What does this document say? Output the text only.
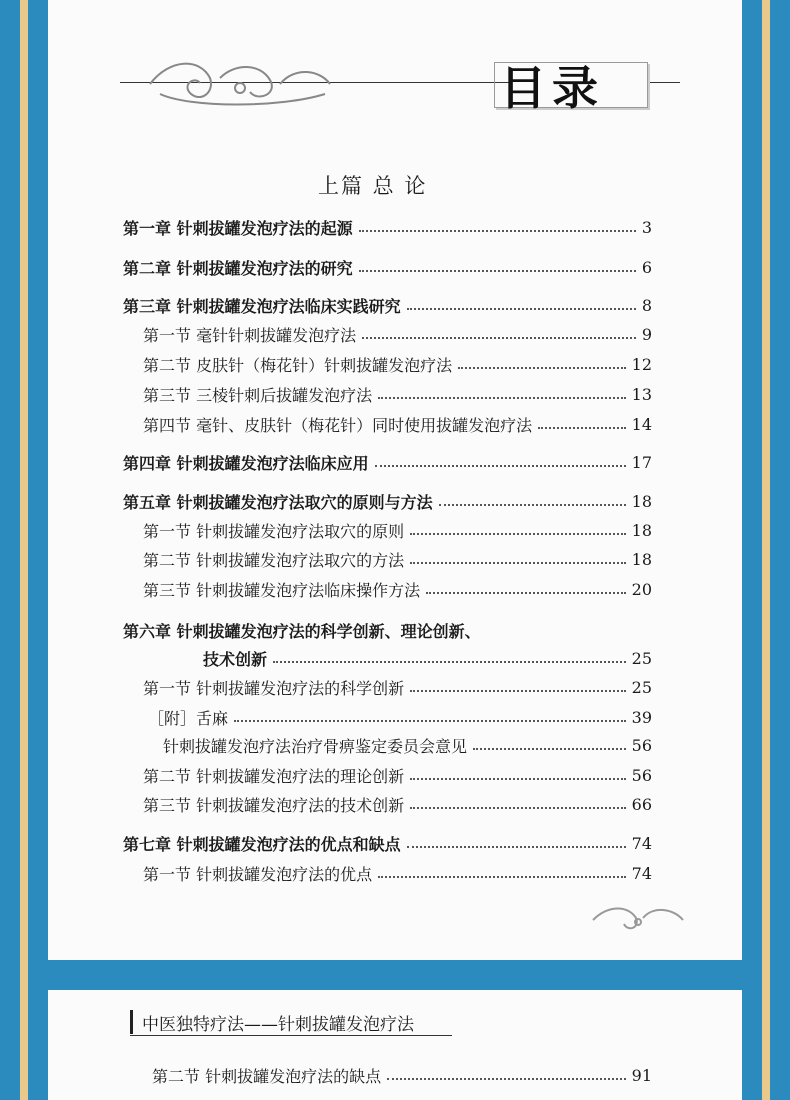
目录
上篇 总 论
第一章 针刺拔罐发泡疗法的起源	3
第二章 针刺拔罐发泡疗法的研究	6
第三章 针刺拔罐发泡疗法临床实践研究	8
第一节 毫针针刺拔罐发泡疗法	9
第二节 皮肤针（梅花针）针刺拔罐发泡疗法	12
第三节 三棱针刺后拔罐发泡疗法	13
第四节 毫针、皮肤针（梅花针）同时使用拔罐发泡疗法	14
第四章 针刺拔罐发泡疗法临床应用	17
第五章 针刺拔罐发泡疗法取穴的原则与方法	18
第一节 针刺拔罐发泡疗法取穴的原则	18
第二节 针刺拔罐发泡疗法取穴的方法	18
第三节 针刺拔罐发泡疗法临床操作方法	20
第六章 针刺拔罐发泡疗法的科学创新、理论创新、
技术创新	25
第一节 针刺拔罐发泡疗法的科学创新	25
［附］舌麻	39
针刺拔罐发泡疗法治疗骨痹鉴定委员会意见	56
第二节 针刺拔罐发泡疗法的理论创新	56
第三节 针刺拔罐发泡疗法的技术创新	66
第七章 针刺拔罐发泡疗法的优点和缺点	74
第一节 针刺拔罐发泡疗法的优点	74
中医独特疗法——针刺拔罐发泡疗法
第二节 针刺拔罐发泡疗法的缺点	91
